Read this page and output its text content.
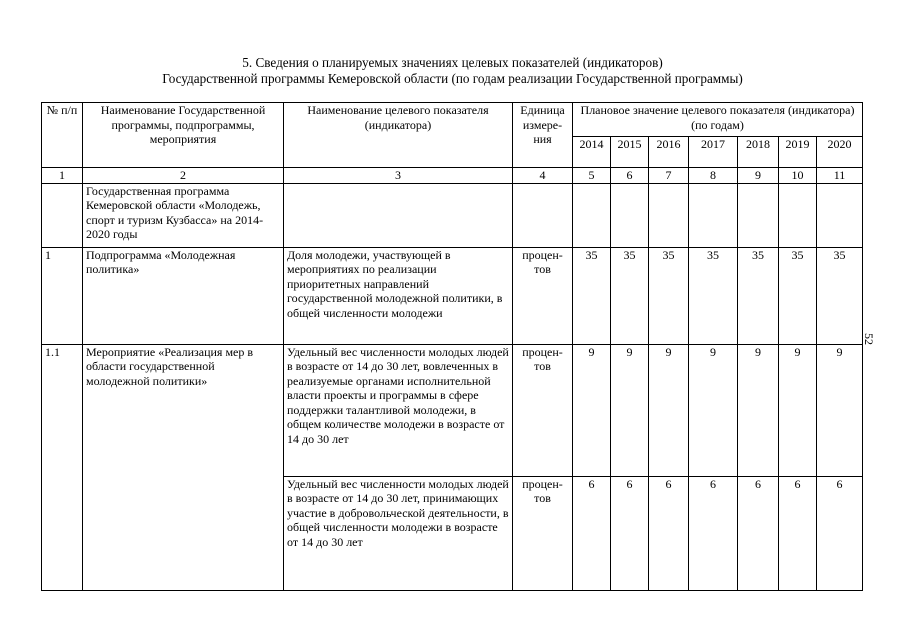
5. Сведения о планируемых значениях целевых показателей (индикаторов)
Государственной программы Кемеровской области (по годам реализации Государственной программы)
№ п/п	Наименование Государственной программы, подпрограммы, мероприятия	Наименование целевого показателя (индикатора)	Единица измере-ния	Плановое значение целевого показателя (индикатора) (по годам)						
				2014	2015	2016	2017	2018	2019	2020
1	2	3	4	5	6	7	8	9	10	11
	Государственная программа Кемеровской области «Молодежь, спорт и туризм Кузбасса» на 2014-2020 годы									
1	Подпрограмма «Молодежная политика»	Доля молодежи, участвующей в мероприятиях по реализации приоритетных направлений государственной молодежной политики, в общей численности молодежи	процен-тов	35	35	35	35	35	35	35
1.1	Мероприятие «Реализация мер в области государственной молодежной политики»	Удельный вес численности молодых людей в возрасте от 14 до 30 лет, вовлеченных в реализуемые органами исполнительной власти проекты и программы в сфере поддержки талантливой молодежи, в общем количестве молодежи в возрасте от 14 до 30 лет	процен-тов	9	9	9	9	9	9	9
		Удельный вес численности молодых людей в возрасте от 14 до 30 лет, принимающих участие в добровольческой деятельности, в общей численности молодежи в возрасте от 14 до 30 лет	процен-тов	6	6	6	6	6	6	6
52
